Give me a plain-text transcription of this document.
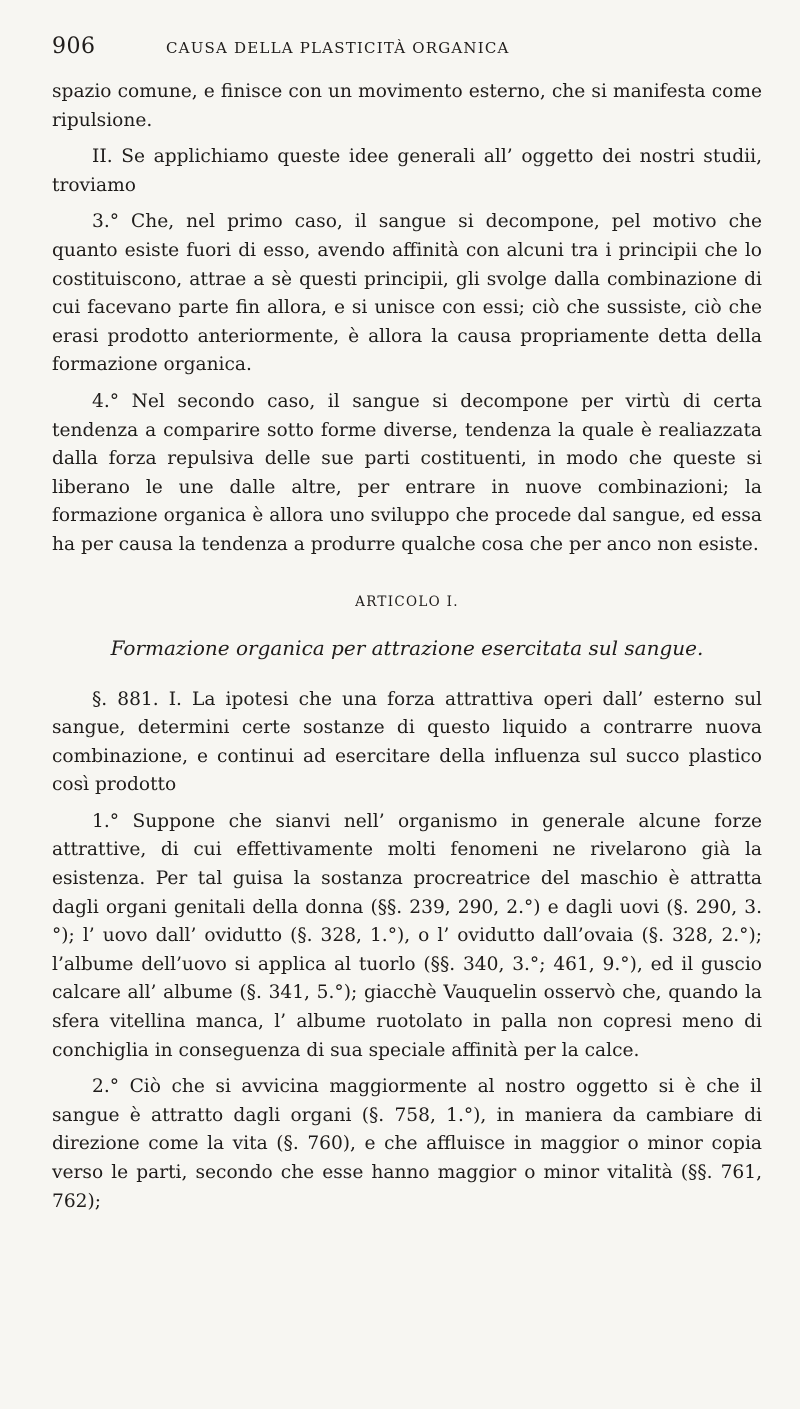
906	CAUSA DELLA PLASTICITÀ ORGANICA

spazio comune, e finisce con un movimento esterno, che si manifesta come ripulsione.

II. Se applichiamo queste idee generali all’ oggetto dei nostri studii, troviamo

3.° Che, nel primo caso, il sangue si decompone, pel motivo che quanto esiste fuori di esso, avendo affinità con alcuni tra i principii che lo costituiscono, attrae a sè questi principii, gli svolge dalla combinazione di cui facevano parte fin allora, e si unisce con essi; ciò che sussiste, ciò che erasi prodotto anteriormente, è allora la causa propriamente detta della formazione organica.

4.° Nel secondo caso, il sangue si decompone per virtù di certa tendenza a comparire sotto forme diverse, tendenza la quale è realiazzata dalla forza repulsiva delle sue parti costituenti, in modo che queste si liberano le une dalle altre, per entrare in nuove combinazioni; la formazione organica è allora uno sviluppo che procede dal sangue, ed essa ha per causa la tendenza a produrre qualche cosa che per anco non esiste.

ARTICOLO I.
Formazione organica per attrazione esercitata sul sangue.

§. 881. I. La ipotesi che una forza attrattiva operi dall’ esterno sul sangue, determini certe sostanze di questo liquido a contrarre nuova combinazione, e continui ad esercitare della influenza sul succo plastico così prodotto

1.° Suppone che sianvi nell’ organismo in generale alcune forze attrattive, di cui effettivamente molti fenomeni ne rivelarono già la esistenza. Per tal guisa la sostanza procreatrice del maschio è attratta dagli organi genitali della donna (§§. 239, 290, 2.°) e dagli uovi (§. 290, 3.°); l’ uovo dall’ ovidutto (§. 328, 1.°), o l’ ovidutto dall’ovaia (§. 328, 2.°); l’albume dell’uovo si applica al tuorlo (§§. 340, 3.°; 461, 9.°), ed il guscio calcare all’ albume (§. 341, 5.°); giacchè Vauquelin osservò che, quando la sfera vitellina manca, l’ albume ruotolato in palla non copresi meno di conchiglia in conseguenza di sua speciale affinità per la calce.

2.° Ciò che si avvicina maggiormente al nostro oggetto si è che il sangue è attratto dagli organi (§. 758, 1.°), in maniera da cambiare di direzione come la vita (§. 760), e che affluisce in maggior o minor copia verso le parti, secondo che esse hanno maggior o minor vitalità (§§. 761, 762);
